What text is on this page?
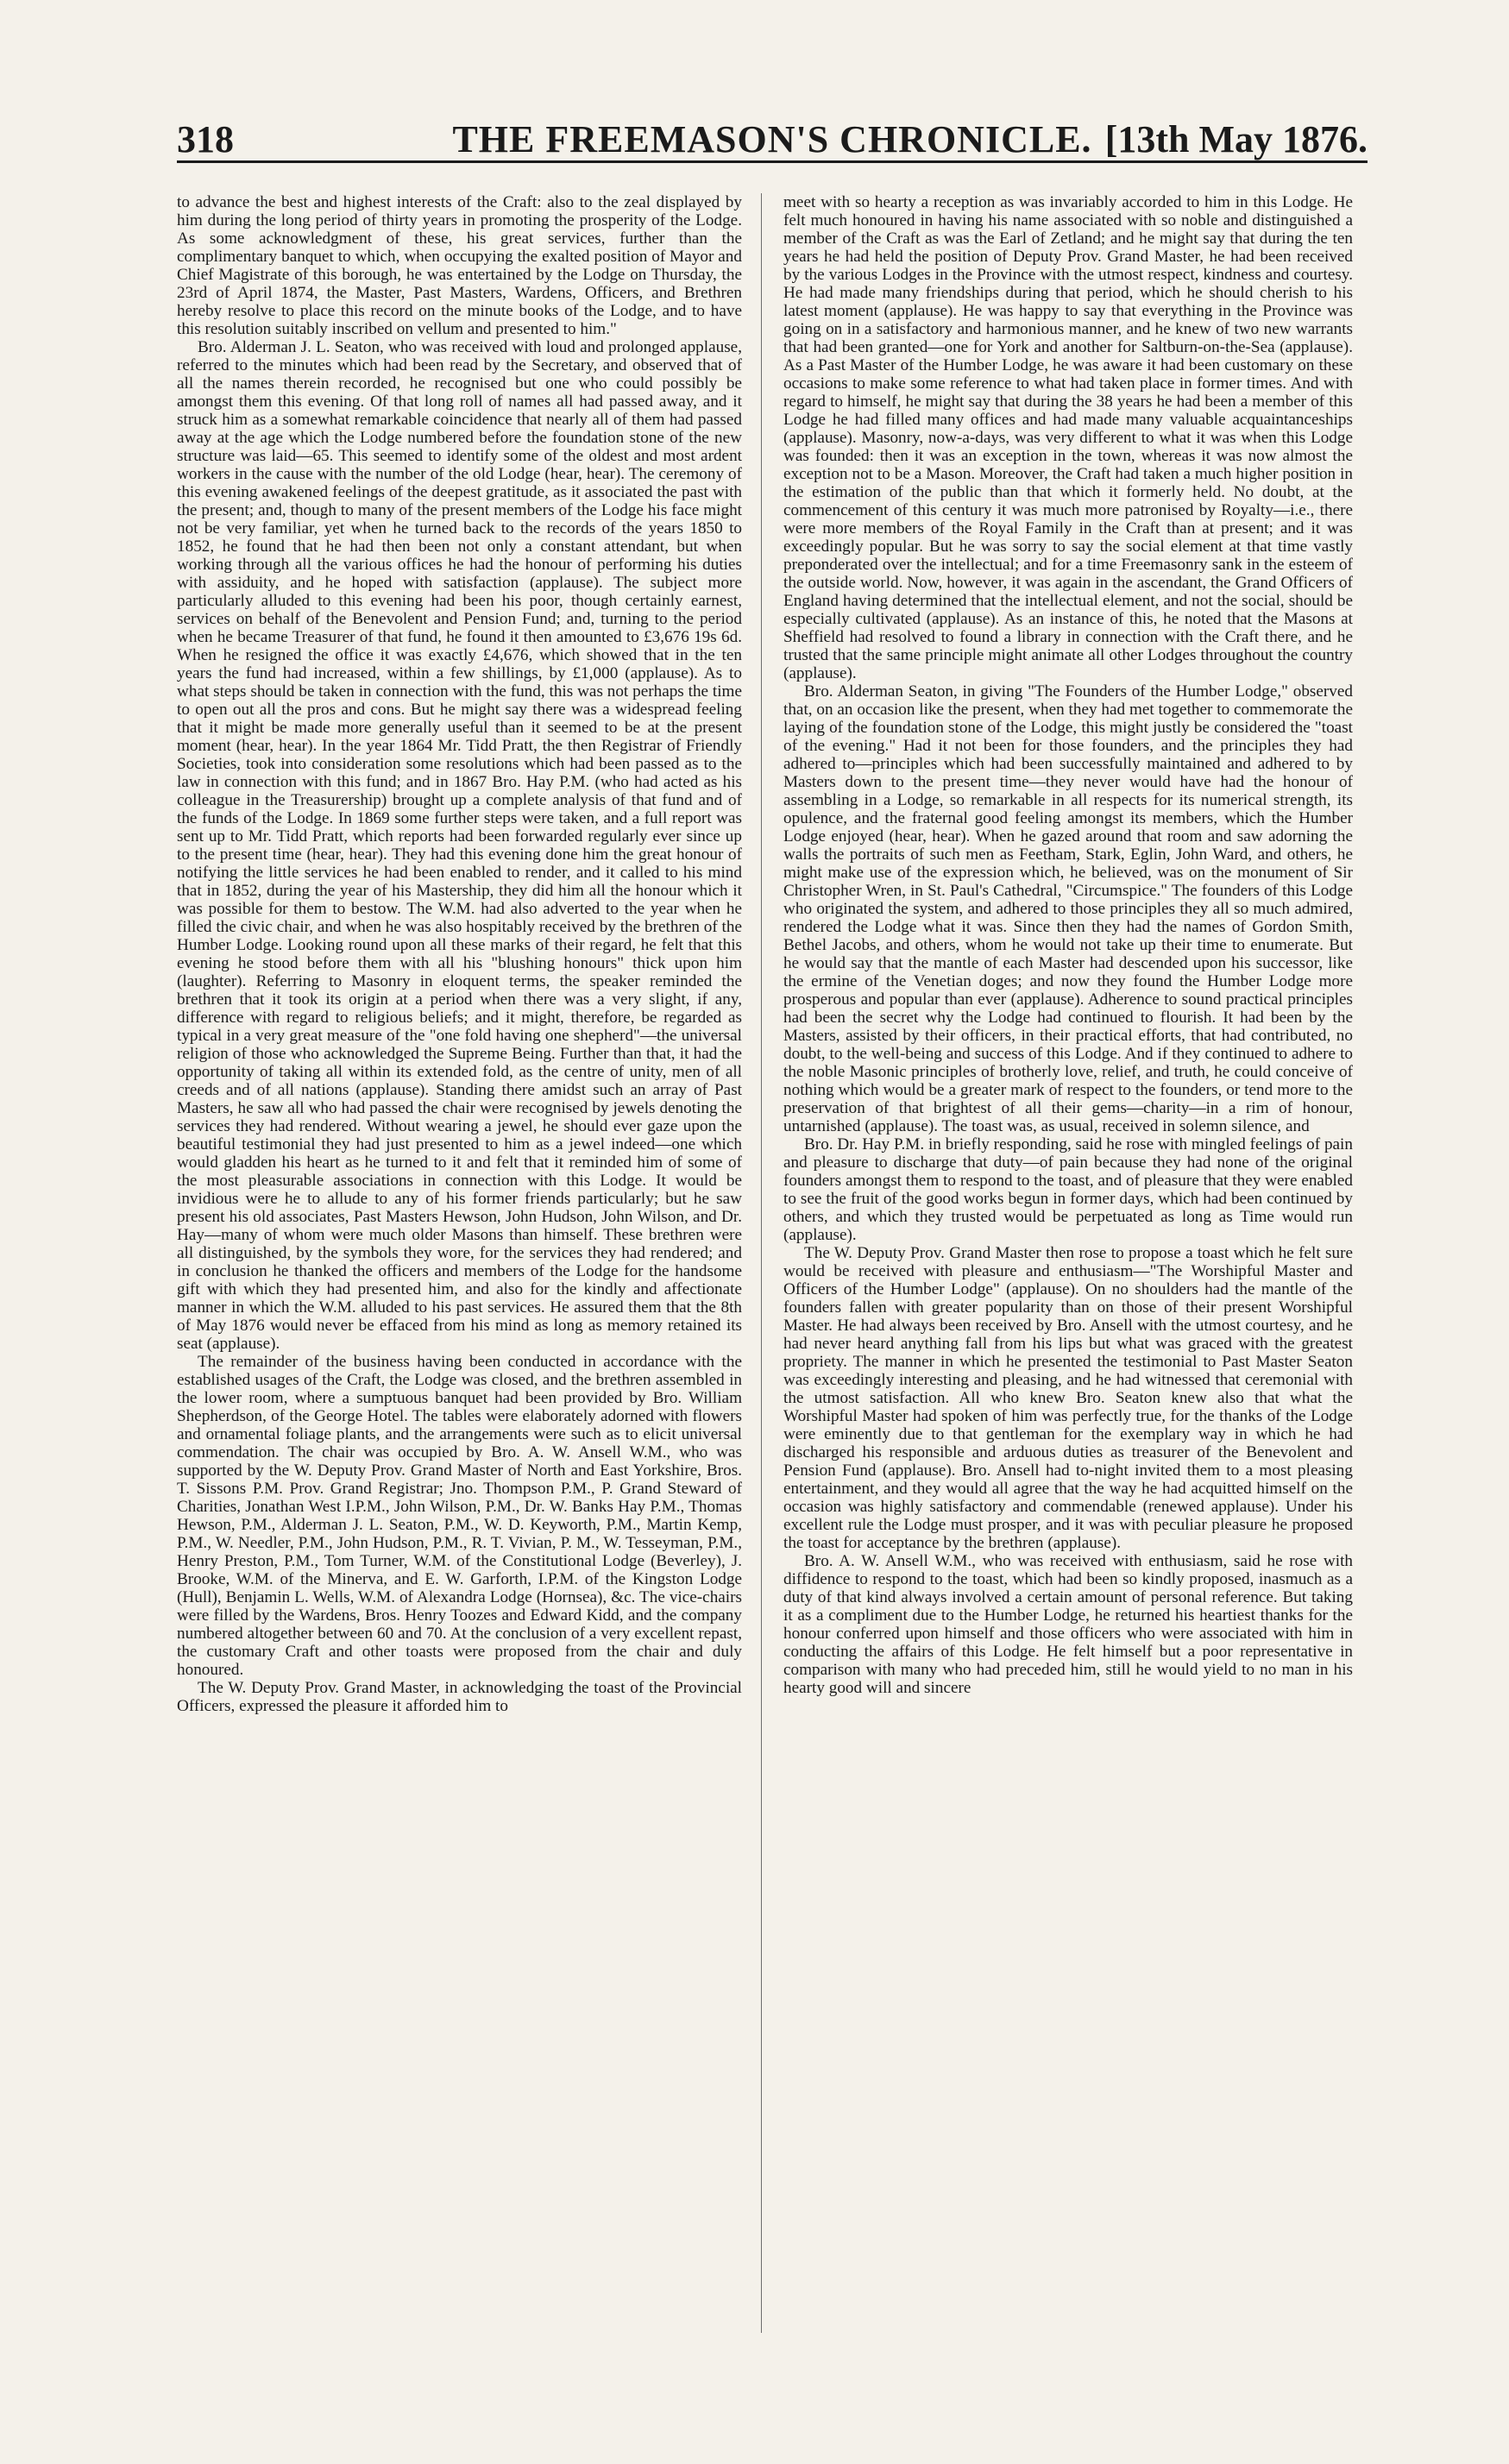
318	THE FREEMASON'S CHRONICLE. [13th May 1876.

to advance the best and highest interests of the Craft: also to the zeal displayed by him during the long period of thirty years in promoting the prosperity of the Lodge. As some acknowledgment of these, his great services, further than the complimentary banquet to which, when occupying the exalted position of Mayor and Chief Magistrate of this borough, he was entertained by the Lodge on Thursday, the 23rd of April 1874, the Master, Past Masters, Wardens, Officers, and Brethren hereby resolve to place this record on the minute books of the Lodge, and to have this resolution suitably inscribed on vellum and presented to him."

Bro. Alderman J. L. Seaton, who was received with loud and prolonged applause, referred to the minutes which had been read by the Secretary, and observed that of all the names therein recorded, he recognised but one who could possibly be amongst them this evening. Of that long roll of names all had passed away, and it struck him as a somewhat remarkable coincidence that nearly all of them had passed away at the age which the Lodge numbered before the foundation stone of the new structure was laid—65. This seemed to identify some of the oldest and most ardent workers in the cause with the number of the old Lodge (hear, hear). The ceremony of this evening awakened feelings of the deepest gratitude, as it associated the past with the present; and, though to many of the present members of the Lodge his face might not be very familiar, yet when he turned back to the records of the years 1850 to 1852, he found that he had then been not only a constant attendant, but when working through all the various offices he had the honour of performing his duties with assiduity, and he hoped with satisfaction (applause). The subject more particularly alluded to this evening had been his poor, though certainly earnest, services on behalf of the Benevolent and Pension Fund; and, turning to the period when he became Treasurer of that fund, he found it then amounted to £3,676 19s 6d. When he resigned the office it was exactly £4,676, which showed that in the ten years the fund had increased, within a few shillings, by £1,000 (applause). As to what steps should be taken in connection with the fund, this was not perhaps the time to open out all the pros and cons. But he might say there was a widespread feeling that it might be made more generally useful than it seemed to be at the present moment (hear, hear). In the year 1864 Mr. Tidd Pratt, the then Registrar of Friendly Societies, took into consideration some resolutions which had been passed as to the law in connection with this fund; and in 1867 Bro. Hay P.M. (who had acted as his colleague in the Treasurership) brought up a complete analysis of that fund and of the funds of the Lodge. In 1869 some further steps were taken, and a full report was sent up to Mr. Tidd Pratt, which reports had been forwarded regularly ever since up to the present time (hear, hear). They had this evening done him the great honour of notifying the little services he had been enabled to render, and it called to his mind that in 1852, during the year of his Mastership, they did him all the honour which it was possible for them to bestow. The W.M. had also adverted to the year when he filled the civic chair, and when he was also hospitably received by the brethren of the Humber Lodge. Looking round upon all these marks of their regard, he felt that this evening he stood before them with all his "blushing honours" thick upon him (laughter). Referring to Masonry in eloquent terms, the speaker reminded the brethren that it took its origin at a period when there was a very slight, if any, difference with regard to religious beliefs; and it might, therefore, be regarded as typical in a very great measure of the "one fold having one shepherd"—the universal religion of those who acknowledged the Supreme Being. Further than that, it had the opportunity of taking all within its extended fold, as the centre of unity, men of all creeds and of all nations (applause). Standing there amidst such an array of Past Masters, he saw all who had passed the chair were recognised by jewels denoting the services they had rendered. Without wearing a jewel, he should ever gaze upon the beautiful testimonial they had just presented to him as a jewel indeed—one which would gladden his heart as he turned to it and felt that it reminded him of some of the most pleasurable associations in connection with this Lodge. It would be invidious were he to allude to any of his former friends particularly; but he saw present his old associates, Past Masters Hewson, John Hudson, John Wilson, and Dr. Hay—many of whom were much older Masons than himself. These brethren were all distinguished, by the symbols they wore, for the services they had rendered; and in conclusion he thanked the officers and members of the Lodge for the handsome gift with which they had presented him, and also for the kindly and affectionate manner in which the W.M. alluded to his past services. He assured them that the 8th of May 1876 would never be effaced from his mind as long as memory retained its seat (applause).

The remainder of the business having been conducted in accordance with the established usages of the Craft, the Lodge was closed, and the brethren assembled in the lower room, where a sumptuous banquet had been provided by Bro. William Shepherdson, of the George Hotel. The tables were elaborately adorned with flowers and ornamental foliage plants, and the arrangements were such as to elicit universal commendation. The chair was occupied by Bro. A. W. Ansell W.M., who was supported by the W. Deputy Prov. Grand Master of North and East Yorkshire, Bros. T. Sissons P.M. Prov. Grand Registrar; Jno. Thompson P.M., P. Grand Steward of Charities, Jonathan West I.P.M., John Wilson, P.M., Dr. W. Banks Hay P.M., Thomas Hewson, P.M., Alderman J. L. Seaton, P.M., W. D. Keyworth, P.M., Martin Kemp, P.M., W. Needler, P.M., John Hudson, P.M., R. T. Vivian, P. M., W. Tesseyman, P.M., Henry Preston, P.M., Tom Turner, W.M. of the Constitutional Lodge (Beverley), J. Brooke, W.M. of the Minerva, and E. W. Garforth, I.P.M. of the Kingston Lodge (Hull), Benjamin L. Wells, W.M. of Alexandra Lodge (Hornsea), &c. The vice-chairs were filled by the Wardens, Bros. Henry Toozes and Edward Kidd, and the company numbered altogether between 60 and 70. At the conclusion of a very excellent repast, the customary Craft and other toasts were proposed from the chair and duly honoured.

The W. Deputy Prov. Grand Master, in acknowledging the toast of the Provincial Officers, expressed the pleasure it afforded him to

meet with so hearty a reception as was invariably accorded to him in this Lodge. He felt much honoured in having his name associated with so noble and distinguished a member of the Craft as was the Earl of Zetland; and he might say that during the ten years he had held the position of Deputy Prov. Grand Master, he had been received by the various Lodges in the Province with the utmost respect, kindness and courtesy. He had made many friendships during that period, which he should cherish to his latest moment (applause). He was happy to say that everything in the Province was going on in a satisfactory and harmonious manner, and he knew of two new warrants that had been granted—one for York and another for Saltburn-on-the-Sea (applause). As a Past Master of the Humber Lodge, he was aware it had been customary on these occasions to make some reference to what had taken place in former times. And with regard to himself, he might say that during the 38 years he had been a member of this Lodge he had filled many offices and had made many valuable acquaintanceships (applause). Masonry, now-a-days, was very different to what it was when this Lodge was founded: then it was an exception in the town, whereas it was now almost the exception not to be a Mason. Moreover, the Craft had taken a much higher position in the estimation of the public than that which it formerly held. No doubt, at the commencement of this century it was much more patronised by Royalty—i.e., there were more members of the Royal Family in the Craft than at present; and it was exceedingly popular. But he was sorry to say the social element at that time vastly preponderated over the intellectual; and for a time Freemasonry sank in the esteem of the outside world. Now, however, it was again in the ascendant, the Grand Officers of England having determined that the intellectual element, and not the social, should be especially cultivated (applause). As an instance of this, he noted that the Masons at Sheffield had resolved to found a library in connection with the Craft there, and he trusted that the same principle might animate all other Lodges throughout the country (applause).

Bro. Alderman Seaton, in giving "The Founders of the Humber Lodge," observed that, on an occasion like the present, when they had met together to commemorate the laying of the foundation stone of the Lodge, this might justly be considered the "toast of the evening." Had it not been for those founders, and the principles they had adhered to—principles which had been successfully maintained and adhered to by Masters down to the present time—they never would have had the honour of assembling in a Lodge, so remarkable in all respects for its numerical strength, its opulence, and the fraternal good feeling amongst its members, which the Humber Lodge enjoyed (hear, hear). When he gazed around that room and saw adorning the walls the portraits of such men as Feetham, Stark, Eglin, John Ward, and others, he might make use of the expression which, he believed, was on the monument of Sir Christopher Wren, in St. Paul's Cathedral, "Circumspice." The founders of this Lodge who originated the system, and adhered to those principles they all so much admired, rendered the Lodge what it was. Since then they had the names of Gordon Smith, Bethel Jacobs, and others, whom he would not take up their time to enumerate. But he would say that the mantle of each Master had descended upon his successor, like the ermine of the Venetian doges; and now they found the Humber Lodge more prosperous and popular than ever (applause). Adherence to sound practical principles had been the secret why the Lodge had continued to flourish. It had been by the Masters, assisted by their officers, in their practical efforts, that had contributed, no doubt, to the well-being and success of this Lodge. And if they continued to adhere to the noble Masonic principles of brotherly love, relief, and truth, he could conceive of nothing which would be a greater mark of respect to the founders, or tend more to the preservation of that brightest of all their gems—charity—in a rim of honour, untarnished (applause). The toast was, as usual, received in solemn silence, and

Bro. Dr. Hay P.M. in briefly responding, said he rose with mingled feelings of pain and pleasure to discharge that duty—of pain because they had none of the original founders amongst them to respond to the toast, and of pleasure that they were enabled to see the fruit of the good works begun in former days, which had been continued by others, and which they trusted would be perpetuated as long as Time would run (applause).

The W. Deputy Prov. Grand Master then rose to propose a toast which he felt sure would be received with pleasure and enthusiasm—"The Worshipful Master and Officers of the Humber Lodge" (applause). On no shoulders had the mantle of the founders fallen with greater popularity than on those of their present Worshipful Master. He had always been received by Bro. Ansell with the utmost courtesy, and he had never heard anything fall from his lips but what was graced with the greatest propriety. The manner in which he presented the testimonial to Past Master Seaton was exceedingly interesting and pleasing, and he had witnessed that ceremonial with the utmost satisfaction. All who knew Bro. Seaton knew also that what the Worshipful Master had spoken of him was perfectly true, for the thanks of the Lodge were eminently due to that gentleman for the exemplary way in which he had discharged his responsible and arduous duties as treasurer of the Benevolent and Pension Fund (applause). Bro. Ansell had to-night invited them to a most pleasing entertainment, and they would all agree that the way he had acquitted himself on the occasion was highly satisfactory and commendable (renewed applause). Under his excellent rule the Lodge must prosper, and it was with peculiar pleasure he proposed the toast for acceptance by the brethren (applause).

Bro. A. W. Ansell W.M., who was received with enthusiasm, said he rose with diffidence to respond to the toast, which had been so kindly proposed, inasmuch as a duty of that kind always involved a certain amount of personal reference. But taking it as a compliment due to the Humber Lodge, he returned his heartiest thanks for the honour conferred upon himself and those officers who were associated with him in conducting the affairs of this Lodge. He felt himself but a poor representative in comparison with many who had preceded him, still he would yield to no man in his hearty good will and sincere
